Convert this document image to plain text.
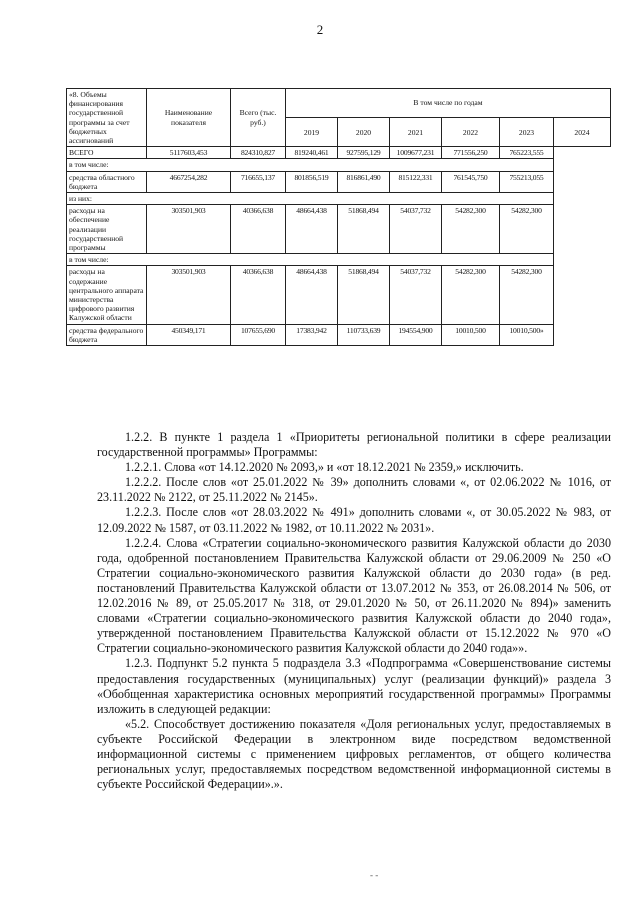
2
«8. Объемы финансирования государственной программы за счет бюджетных ассигнований	Наименование показателя	Всего (тыс. руб.)	В том числе по годам					
			2019	2020	2021	2022	2023	2024
ВСЕГО	5117603,453	824310,827	819240,461	927595,129	1009677,231	771556,250	765223,555	
в том числе:								
средства областного бюджета	4667254,282	716655,137	801856,519	816861,490	815122,331	761545,750	755213,055	
из них:								
расходы на обеспечение реализации государственной программы	303501,903	40366,638	48664,438	51868,494	54037,732	54282,300	54282,300	
в том числе:								
расходы на содержание центрального аппарата министерства цифрового развития Калужской области	303501,903	40366,638	48664,438	51868,494	54037,732	54282,300	54282,300	
средства федерального бюджета	450349,171	107655,690	17383,942	110733,639	194554,900	10010,500	10010,500»	

1.2.2. В пункте 1 раздела 1 «Приоритеты региональной политики в сфере реализации государственной программы» Программы:

1.2.2.1. Слова «от 14.12.2020 № 2093,» и «от 18.12.2021 № 2359,» исключить.

1.2.2.2. После слов «от 25.01.2022 № 39» дополнить словами «, от 02.06.2022 № 1016, от 23.11.2022 № 2122, от 25.11.2022 № 2145».

1.2.2.3. После слов «от 28.03.2022 № 491» дополнить словами «, от 30.05.2022 № 983, от 12.09.2022 № 1587, от 03.11.2022 № 1982, от 10.11.2022 № 2031».

1.2.2.4. Слова «Стратегии социально-экономического развития Калужской области до 2030 года, одобренной постановлением Правительства Калужской области от 29.06.2009 № 250 «О Стратегии социально-экономического развития Калужской области до 2030 года» (в ред. постановлений Правительства Калужской области от 13.07.2012 № 353, от 26.08.2014 № 506, от 12.02.2016 № 89, от 25.05.2017 № 318, от 29.01.2020 № 50, от 26.11.2020 № 894)» заменить словами «Стратегии социально-экономического развития Калужской области до 2040 года», утвержденной постановлением Правительства Калужской области от 15.12.2022 № 970 «О Стратегии социально-экономического развития Калужской области до 2040 года»».

1.2.3. Подпункт 5.2 пункта 5 подраздела 3.3 «Подпрограмма «Совершенствование системы предоставления государственных (муниципальных) услуг (реализации функций)» раздела 3 «Обобщенная характеристика основных мероприятий государственной программы» Программы изложить в следующей редакции:

«5.2. Способствует достижению показателя «Доля региональных услуг, предоставляемых в субъекте Российской Федерации в электронном виде посредством ведомственной информационной системы с применением цифровых регламентов, от общего количества региональных услуг, предоставляемых посредством ведомственной информационной системы в субъекте Российской Федерации».».

- -
